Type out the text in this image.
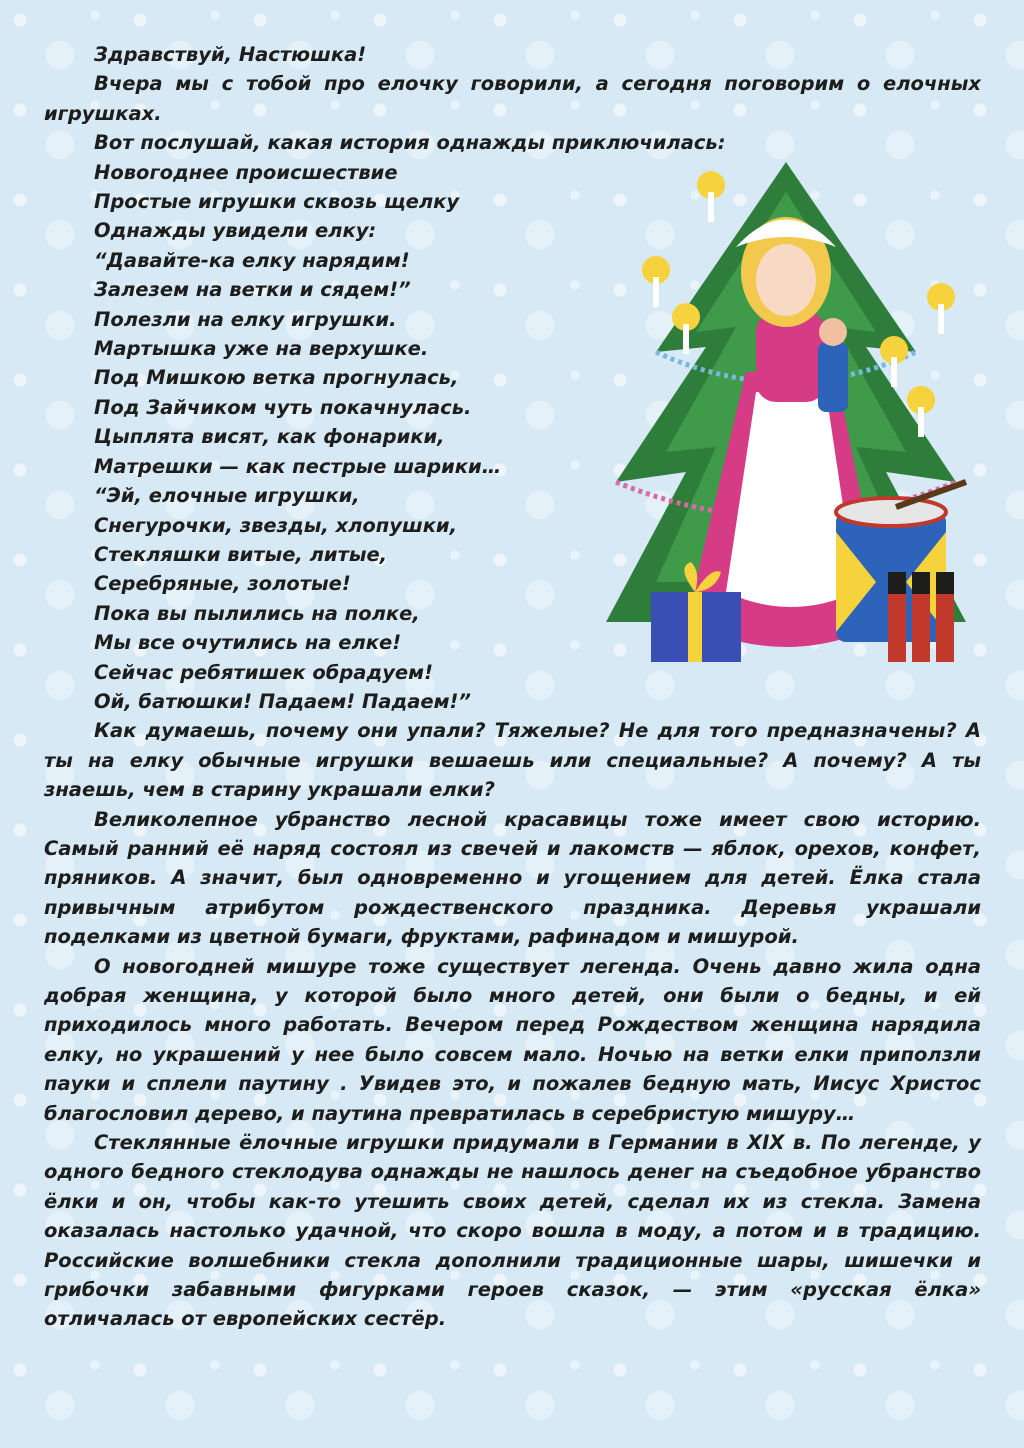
Здравствуй, Настюшка!

Вчера мы с тобой про елочку говорили, а сегодня поговорим о елочных игрушках.

Вот послушай, какая история однажды приключилась:

Новогоднее происшествие

Простые игрушки сквозь щелку

Однажды увидели елку:

“Давайте-ка елку нарядим!

Залезем на ветки и сядем!”

Полезли на елку игрушки.

Мартышка уже на верхушке.

Под Мишкою ветка прогнулась,

Под Зайчиком чуть покачнулась.

Цыплята висят, как фонарики,

Матрешки — как пестрые шарики…

“Эй, елочные игрушки,

Снегурочки, звезды, хлопушки,

Стекляшки витые, литые,

Серебряные, золотые!

Пока вы пылились на полке,

Мы все очутились на елке!

Сейчас ребятишек обрадуем!

Ой, батюшки! Падаем! Падаем!”

Как думаешь, почему они упали? Тяжелые? Не для того предназначены? А ты на елку обычные игрушки вешаешь или специальные? А почему? А ты знаешь, чем в старину украшали елки?

Великолепное убранство лесной красавицы тоже имеет свою историю. Самый ранний её наряд состоял из свечей и лакомств — яблок, орехов, конфет, пряников. А значит, был одновременно и угощением для детей. Ёлка стала привычным атрибутом рождественского праздника. Деревья украшали поделками из цветной бумаги, фруктами, рафинадом и мишурой.

О новогодней мишуре тоже существует легенда. Очень давно жила одна добрая женщина, у которой было много детей, они были о бедны, и ей приходилось много работать. Вечером перед Рождеством женщина нарядила елку, но украшений у нее было совсем мало. Ночью на ветки елки приползли пауки и сплели паутину . Увидев это, и пожалев бедную мать, Иисус Христос благословил дерево, и паутина превратилась в серебристую мишуру…

Стеклянные ёлочные игрушки придумали в Германии в XIX в. По легенде, у одного бедного стеклодува однажды не нашлось денег на съедобное убранство ёлки и он, чтобы как-то утешить своих детей, сделал их из стекла. Замена оказалась настолько удачной, что скоро вошла в моду, а потом и в традицию. Российские волшебники стекла дополнили традиционные шары, шишечки и грибочки забавными фигурками героев сказок, — этим «русская ёлка» отличалась от европейских сестёр.
